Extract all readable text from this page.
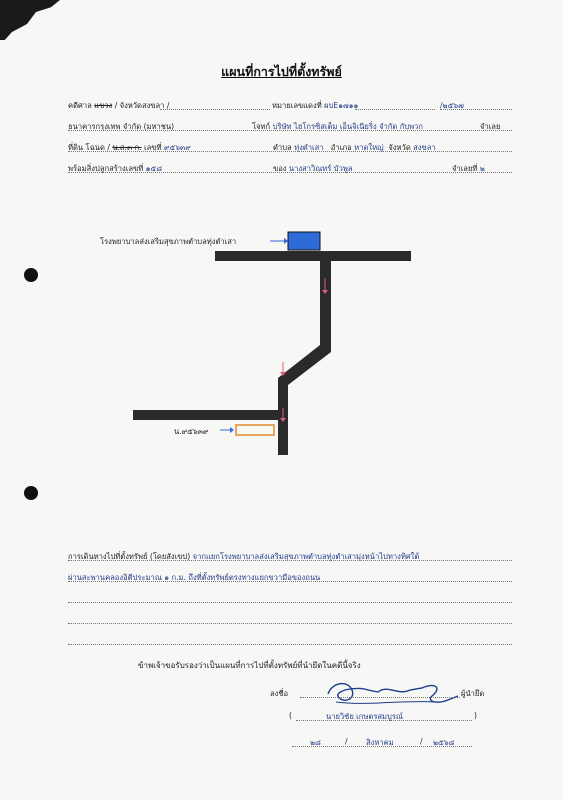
แผนที่การไปที่ตั้งทรัพย์
คดีศาล แขวง / จังหวัดสงขลา /	หมายเลขแดงที่ ผบE๑๗๑๑	/๒๕๖๗
ธนาคารกรุงเทพ จำกัด (มหาชน)	โจทก์ บริษัท ไฮโกรซิสเต็ม เอ็นจิเนียริ่ง จำกัด กับพวก	จำเลย
ที่ดิน โฉนด / น.ส.๓ ก. เลขที่ ๙๕๖๓๙	ตำบล ทุ่งตำเสา อำเภอ หาดใหญ่ จังหวัด สงขลา
พร้อมสิ่งปลูกสร้างเลขที่ ๑๕๘	ของ นางสาวิณทร์ บัวพูล	จำเลยที่ ๒
โรงพยาบาลส่งเสริมสุขภาพตำบลทุ่งตำเสา
น.๙๕๖๓๙
การเดินทางไปที่ตั้งทรัพย์ (โดยสังเขป) จากแยกโรงพยาบาลส่งเสริมสุขภาพตำบลทุ่งตำเสามุ่งหน้าไปทางทิศใต้
ผ่านสะพานคลองอิตีประมาณ ๑ ก.ม. ถึงที่ตั้งทรัพย์ตรงทางแยกขวามือของถนน
ข้าพเจ้าขอรับรองว่าเป็นแผนที่การไปที่ตั้งทรัพย์ที่นำยึดในคดีนี้จริง
ลงชื่อ	ผู้นำยึด
(	นายวิชัย เกษตรสมบูรณ์	)
๒๘	/ สิงหาคม	/ ๒๕๖๘
